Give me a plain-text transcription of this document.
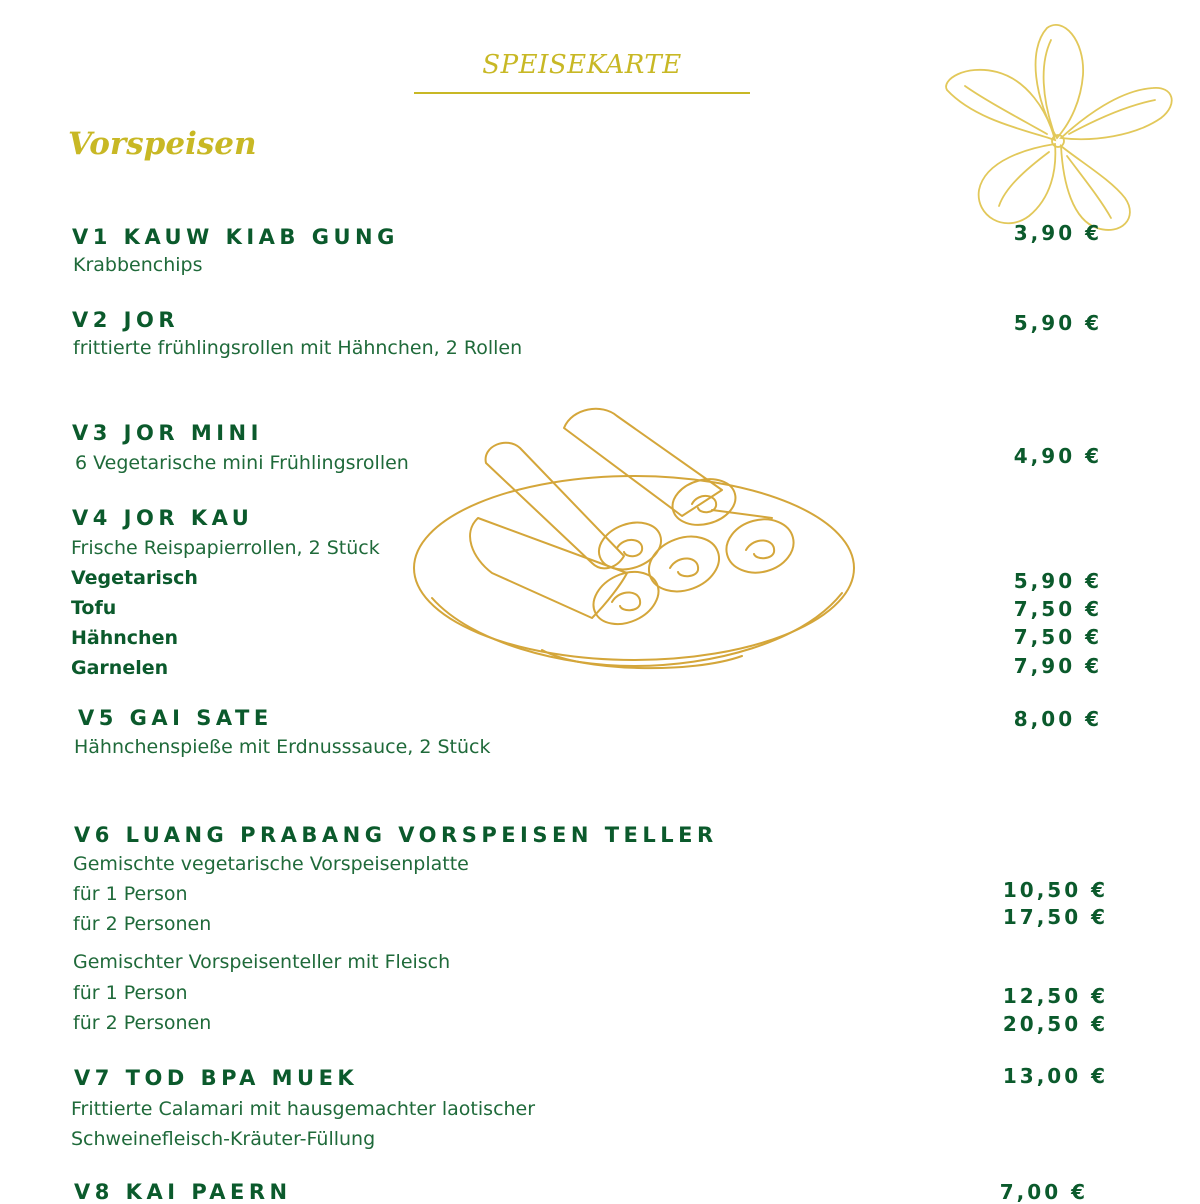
SPEISEKARTE
Vorspeisen
V1 KAUW KIAB GUNG
Krabbenchips
3,90 €
V2 JOR
frittierte frühlingsrollen mit Hähnchen, 2 Rollen
5,90 €
V3 JOR MINI
6 Vegetarische mini Frühlingsrollen	4,90 €
V4 JOR KAU
Frische Reispapierrollen, 2 Stück
Vegetarisch	5,90 €
Tofu	7,50 €
Hähnchen	7,50 €
Garnelen	7,90 €
V5 GAI SATE
Hähnchenspieße mit Erdnusssauce, 2 Stück
8,00 €
V6 LUANG PRABANG VORSPEISEN TELLER
Gemischte vegetarische Vorspeisenplatte
für 1 Person	10,50 €
für 2 Personen	17,50 €
Gemischter Vorspeisenteller mit Fleisch
für 1 Person	12,50 €
für 2 Personen	20,50 €
V7 TOD BPA MUEK	13,00 €
Frittierte Calamari mit hausgemachter laotischer
Schweinefleisch-Kräuter-Füllung
V8 KAI PAERN	7,00 €
